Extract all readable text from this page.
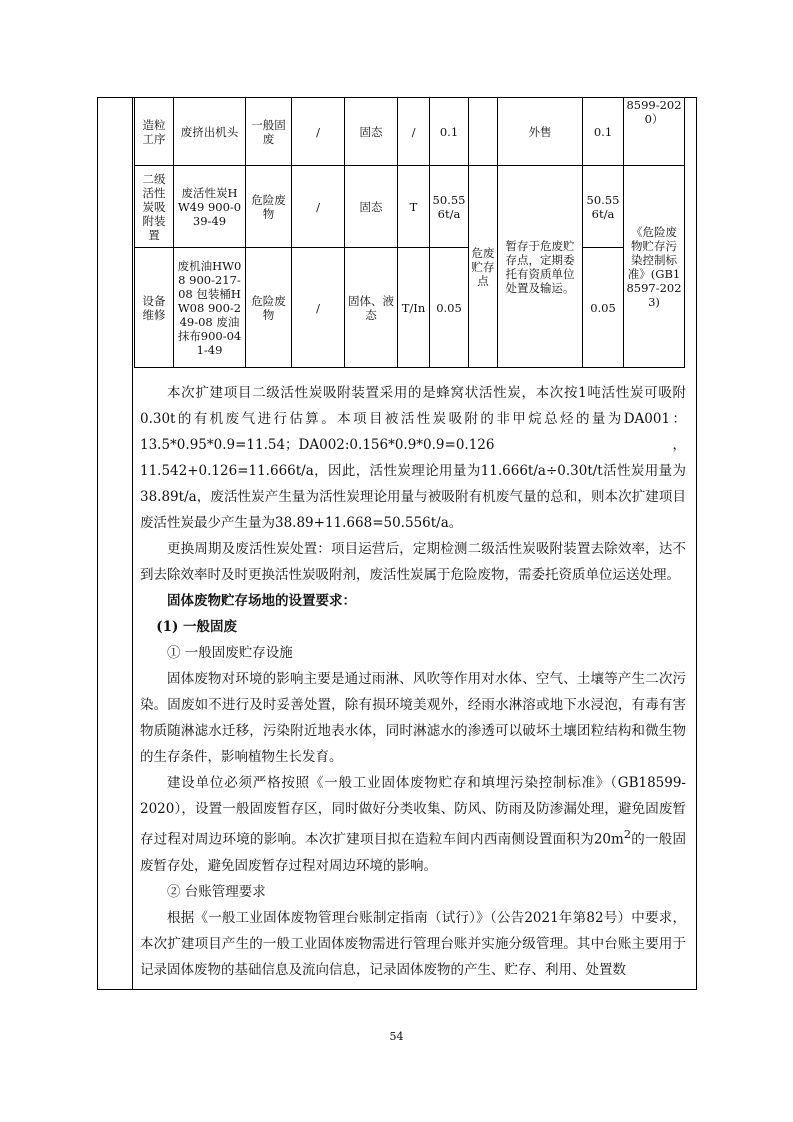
造粒工序	废挤出机头	一般固废	/	固态	/	0.1		外售	0.1	8599-2020）
二级活性炭吸附装置	废活性炭HW49 900-039-49	危险废物	/	固态	T	50.556t/a	危废贮存点	暂存于危废贮存点，定期委托有资质单位处置及输运。	50.556t/a	《危险废物贮存污染控制标准》(GB18597-2023)
设备维修	废机油HW08 900-217-08 包装桶HW08 900-249-08 废油抹布900-041-49	危险废物	/	固体、液态	T/In	0.05			0.05	

本次扩建项目二级活性炭吸附装置采用的是蜂窝状活性炭，本次按1吨活性炭可吸附0.30t的有机废气进行估算。本项目被活性炭吸附的非甲烷总烃的量为DA001：13.5*0.95*0.9=11.54；DA002:0.156*0.9*0.9=0.126，11.542+0.126=11.666t/a，因此，活性炭理论用量为11.666t/a÷0.30t/t活性炭用量为38.89t/a，废活性炭产生量为活性炭理论用量与被吸附有机废气量的总和，则本次扩建项目废活性炭最少产生量为38.89+11.668=50.556t/a。

更换周期及废活性炭处置：项目运营后，定期检测二级活性炭吸附装置去除效率，达不到去除效率时及时更换活性炭吸附剂，废活性炭属于危险废物，需委托资质单位运送处理。

固体废物贮存场地的设置要求：

(1) 一般固废

① 一般固废贮存设施

固体废物对环境的影响主要是通过雨淋、风吹等作用对水体、空气、土壤等产生二次污染。固废如不进行及时妥善处置，除有损环境美观外，经雨水淋溶或地下水浸泡，有毒有害物质随淋滤水迁移，污染附近地表水体，同时淋滤水的渗透可以破坏土壤团粒结构和微生物的生存条件，影响植物生长发育。

建设单位必须严格按照《一般工业固体废物贮存和填埋污染控制标准》（GB18599-2020），设置一般固废暂存区，同时做好分类收集、防风、防雨及防渗漏处理，避免固废暂存过程对周边环境的影响。本次扩建项目拟在造粒车间内西南侧设置面积为$20m^2$的一般固废暂存处，避免固废暂存过程对周边环境的影响。

② 台账管理要求

根据《一般工业固体废物管理台账制定指南（试行）》（公告2021年第82号）中要求，本次扩建项目产生的一般工业固体废物需进行管理台账并实施分级管理。其中台账主要用于记录固体废物的基础信息及流向信息，记录固体废物的产生、贮存、利用、处置数

54
